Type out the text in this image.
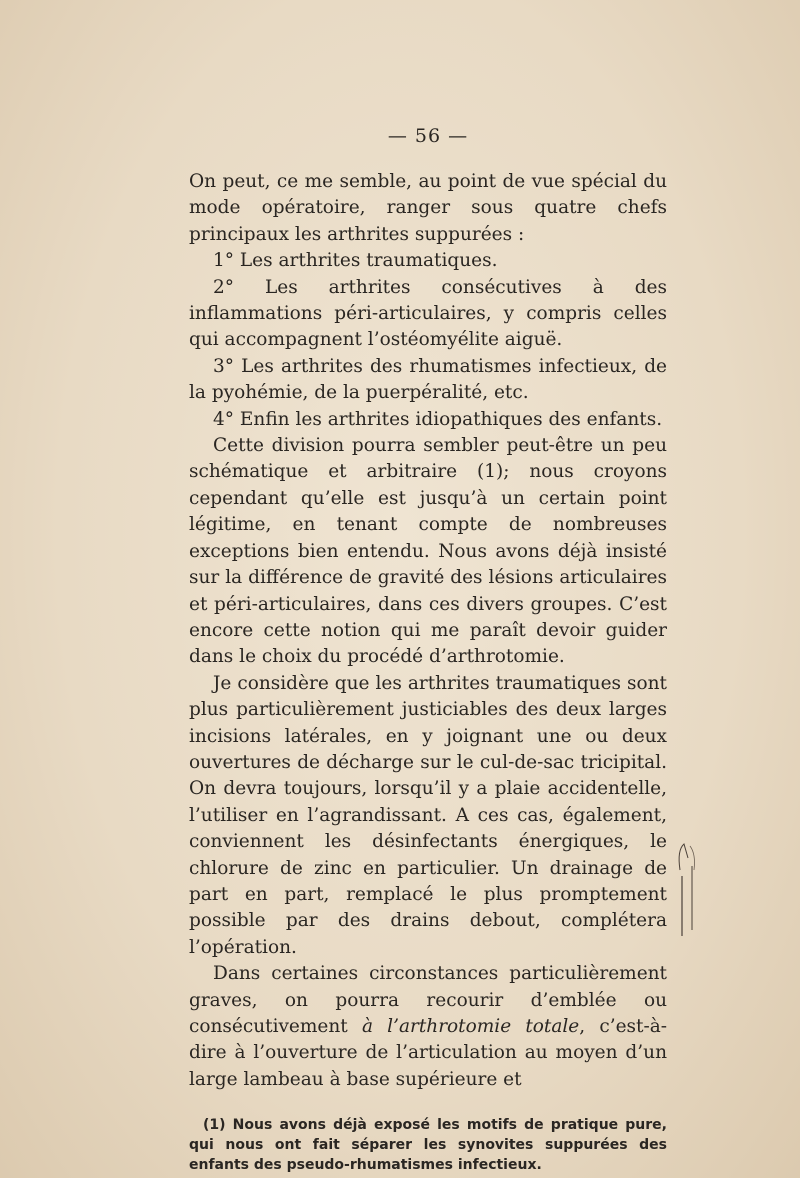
— 56 —

On peut, ce me semble, au point de vue spécial du mode opératoire, ranger sous quatre chefs principaux les arthrites suppurées :

1° Les arthrites traumatiques.

2° Les arthrites consécutives à des inflammations péri-articulaires, y compris celles qui accompagnent l’ostéomyélite aiguë.

3° Les arthrites des rhumatismes infectieux, de la pyohémie, de la puerpéralité, etc.

4° Enfin les arthrites idiopathiques des enfants.

Cette division pourra sembler peut-être un peu schématique et arbitraire (1); nous croyons cependant qu’elle est jusqu’à un certain point légitime, en tenant compte de nombreuses exceptions bien entendu. Nous avons déjà insisté sur la différence de gravité des lésions articulaires et péri-articulaires, dans ces divers groupes. C’est encore cette notion qui me paraît devoir guider dans le choix du procédé d’arthrotomie.

Je considère que les arthrites traumatiques sont plus particulièrement justiciables des deux larges incisions latérales, en y joignant une ou deux ouvertures de décharge sur le cul-de-sac tricipital. On devra toujours, lorsqu’il y a plaie accidentelle, l’utiliser en l’agrandissant. A ces cas, également, conviennent les désinfectants énergiques, le chlorure de zinc en particulier. Un drainage de part en part, remplacé le plus promptement possible par des drains debout, complétera l’opération.

Dans certaines circonstances particulièrement graves, on pourra recourir d’emblée ou consécutivement à l’arthrotomie totale, c’est-à-dire à l’ouverture de l’articulation au moyen d’un large lambeau à base supérieure et

(1) Nous avons déjà exposé les motifs de pratique pure, qui nous ont fait séparer les synovites suppurées des enfants des pseudo-rhumatismes infectieux.
